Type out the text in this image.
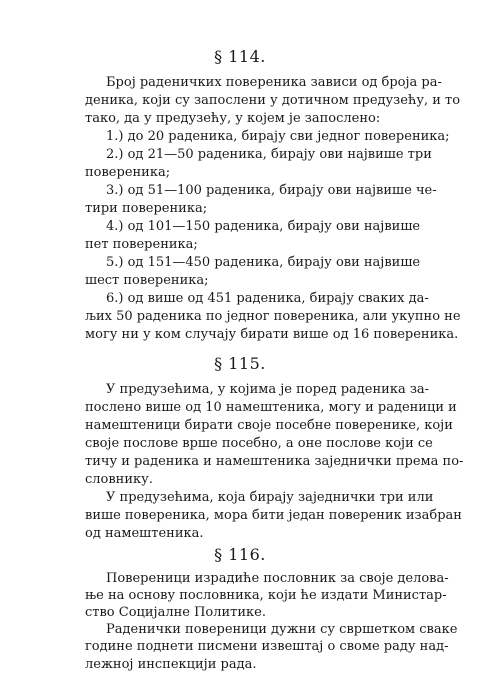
§ 114.
Број раденичких повереника зависи од броја ра-
деника, који су запослени у дотичном предузећу, и то
тако, да у предузећу, у којем је запослено:
1.) до 20 раденика, бирају сви једног повереника;
2.) од 21—50 раденика, бирају ови највише три
повереника;
3.) од 51—100 раденика, бирају ови највише че-
тири повереника;
4.) од 101—150 раденика, бирају ови највише
пет повереника;
5.) од 151—450 раденика, бирају ови највише
шест повереника;
6.) од више од 451 раденика, бирају сваких да-
љих 50 раденика по једног повереника, али укупно не
могу ни у ком случају бирати више од 16 повереника.
§ 115.
У предузећима, у којима је поред раденика за-
послено више од 10 намештеника, могу и раденици и
намештеници бирати своје посебне повереникe, који
своје послове врше посебно, а оне послове који се
тичу и раденика и намештеника заједнички према по-
словнику.
У предузећима, која бирају заједнички три или
више повереника, мора бити један повереник изабран
од намештеника.
§ 116.
Повереници израдиће пословник за своје делова-
ње на основу пословника, који ће издати Министар-
ство Социјалне Политике.
Раденички повереници дужни су свршетком сваке
године поднети писмени извештај о своме раду над-
лежној инспекцији рада.
